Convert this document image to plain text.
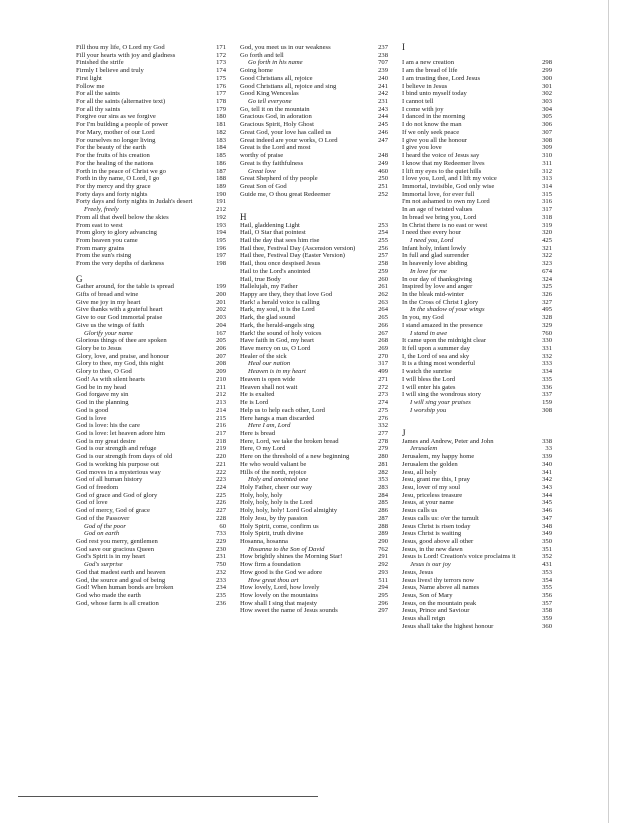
Fill thou my life, O Lord my God	171
Fill your hearts with joy and gladness	172
Finished the strife	173
Firmly I believe and truly	174
First light	175
Follow me	176
For all the saints	177
For all the saints (alternative text)	178
For all thy saints	179
Forgive our sins as we forgive	180
For I'm building a people of power	181
For Mary, mother of our Lord	182
For ourselves no longer living	183
For the beauty of the earth	184
For the fruits of his creation	185
For the healing of the nations	186
Forth in the peace of Christ we go	187
Forth in thy name, O Lord, I go	188
For thy mercy and thy grace	189
Forty days and forty nights	190
Forty days and forty nights in Judah's desert	191
Freely, freely	212
From all that dwell below the skies	192
From east to west	193
From glory to glory advancing	194
From heaven you came	195
From many grains	196
From the sun's rising	197
From the very depths of darkness	198
G
Gather around, for the table is spread	199
Gifts of bread and wine	200
Give me joy in my heart	201
Give thanks with a grateful heart	202
Give to our God immortal praise	203
Give us the wings of faith	204
Glorify your name	167
Glorious things of thee are spoken	205
Glory be to Jesus	206
Glory, love, and praise, and honour	207
Glory to thee, my God, this night	208
Glory to thee, O God	209
God! As with silent hearts	210
God be in my head	211
God forgave my sin	212
God in the planning	213
God is good	214
God is love	215
God is love: his the care	216
God is love: let heaven adore him	217
God is my great desire	218
God is our strength and refuge	219
God is our strength from days of old	220
God is working his purpose out	221
God moves in a mysterious way	222
God of all human history	223
God of freedom	224
God of grace and God of glory	225
God of love	226
God of mercy, God of grace	227
God of the Passover	228
God of the poor	60
God on earth	733
God rest you merry, gentlemen	229
God save our gracious Queen	230
God's Spirit is in my heart	231
God's surprise	750
God that madest earth and heaven	232
God, the source and goal of being	233
God! When human bonds are broken	234
God who made the earth	235
God, whose farm is all creation	236
God, you meet us in our weakness	237
Go forth and tell	238
Go forth in his name	707
Going home	239
Good Christians all, rejoice	240
Good Christians all, rejoice and sing	241
Good King Wenceslas	242
Go tell everyone	231
Go, tell it on the mountain	243
Gracious God, in adoration	244
Gracious Spirit, Holy Ghost	245
Great God, your love has called us	246
Great indeed are your works, O Lord	247
Great is the Lord and most
worthy of praise	248
Great is thy faithfulness	249
Great love	460
Great Shepherd of thy people	250
Great Son of God	251
Guide me, O thou great Redeemer	252
H
Hail, gladdening Light	253
Hail, O Star that pointest	254
Hail the day that sees him rise	255
Hail thee, Festival Day (Ascension version)	256
Hail thee, Festival Day (Easter Version)	257
Hail, thou once despised Jesus	258
Hail to the Lord's anointed	259
Hail, true Body	260
Hallelujah, my Father	261
Happy are they, they that love God	262
Hark! a herald voice is calling	263
Hark, my soul, it is the Lord	264
Hark, the glad sound	265
Hark, the herald-angels sing	266
Hark! the sound of holy voices	267
Have faith in God, my heart	268
Have mercy on us, O Lord	269
Healer of the sick	270
Heal our nation	317
Heaven is in my heart	499
Heaven is open wide	271
Heaven shall not wait	272
He is exalted	273
He is Lord	274
Help us to help each other, Lord	275
Here hangs a man discarded	276
Here I am, Lord	332
Here is bread	277
Here, Lord, we take the broken bread	278
Here, O my Lord	279
Here on the threshold of a new beginning	280
He who would valiant be	281
Hills of the north, rejoice	282
Holy and anointed one	353
Holy Father, cheer our way	283
Holy, holy, holy	284
Holy, holy, holy is the Lord	285
Holy, holy, holy! Lord God almighty	286
Holy Jesu, by thy passion	287
Holy Spirit, come, confirm us	288
Holy Spirit, truth divine	289
Hosanna, hosanna	290
Hosanna to the Son of David	762
How brightly shines the Morning Star!	291
How firm a foundation	292
How good is the God we adore	293
How great thou art	511
How lovely, Lord, how lovely	294
How lovely on the mountains	295
How shall I sing that majesty	296
How sweet the name of Jesus sounds	297
I
I am a new creation	298
I am the bread of life	299
I am trusting thee, Lord Jesus	300
I believe in Jesus	301
I bind unto myself today	302
I cannot tell	303
I come with joy	304
I danced in the morning	305
I do not know the man	306
If we only seek peace	307
I give you all the honour	308
I give you love	309
I heard the voice of Jesus say	310
I know that my Redeemer lives	311
I lift my eyes to the quiet hills	312
I love you, Lord, and I lift my voice	313
Immortal, invisible, God only wise	314
Immortal love, for ever full	315
I'm not ashamed to own my Lord	316
In an age of twisted values	317
In bread we bring you, Lord	318
In Christ there is no east or west	319
I need thee every hour	320
I need you, Lord	425
Infant holy, infant lowly	321
In full and glad surrender	322
In heavenly love abiding	323
In love for me	674
In our day of thanksgiving	324
Inspired by love and anger	325
In the bleak mid-winter	326
In the Cross of Christ I glory	327
In the shadow of your wings	495
In you, my God	328
I stand amazed in the presence	329
I stand in awe	760
It came upon the midnight clear	330
It fell upon a summer day	331
I, the Lord of sea and sky	332
It is a thing most wonderful	333
I watch the sunrise	334
I will bless the Lord	335
I will enter his gates	336
I will sing the wondrous story	337
I will sing your praises	159
I worship you	308
J
James and Andrew, Peter and John	338
Jerusalem	33
Jerusalem, my happy home	339
Jerusalem the golden	340
Jesu, all holy	341
Jesu, grant me this, I pray	342
Jesu, lover of my soul	343
Jesu, priceless treasure	344
Jesus, at your name	345
Jesus calls us	346
Jesus calls us: o'er the tumult	347
Jesus Christ is risen today	348
Jesus Christ is waiting	349
Jesus, good above all other	350
Jesus, in the new dawn	351
Jesus is Lord! Creation's voice proclaims it	352
Jesus is our joy	431
Jesus, Jesus	353
Jesus lives! thy terrors now	354
Jesus, Name above all names	355
Jesus, Son of Mary	356
Jesus, on the mountain peak	357
Jesus, Prince and Saviour	358
Jesus shall reign	359
Jesus shall take the highest honour	360
